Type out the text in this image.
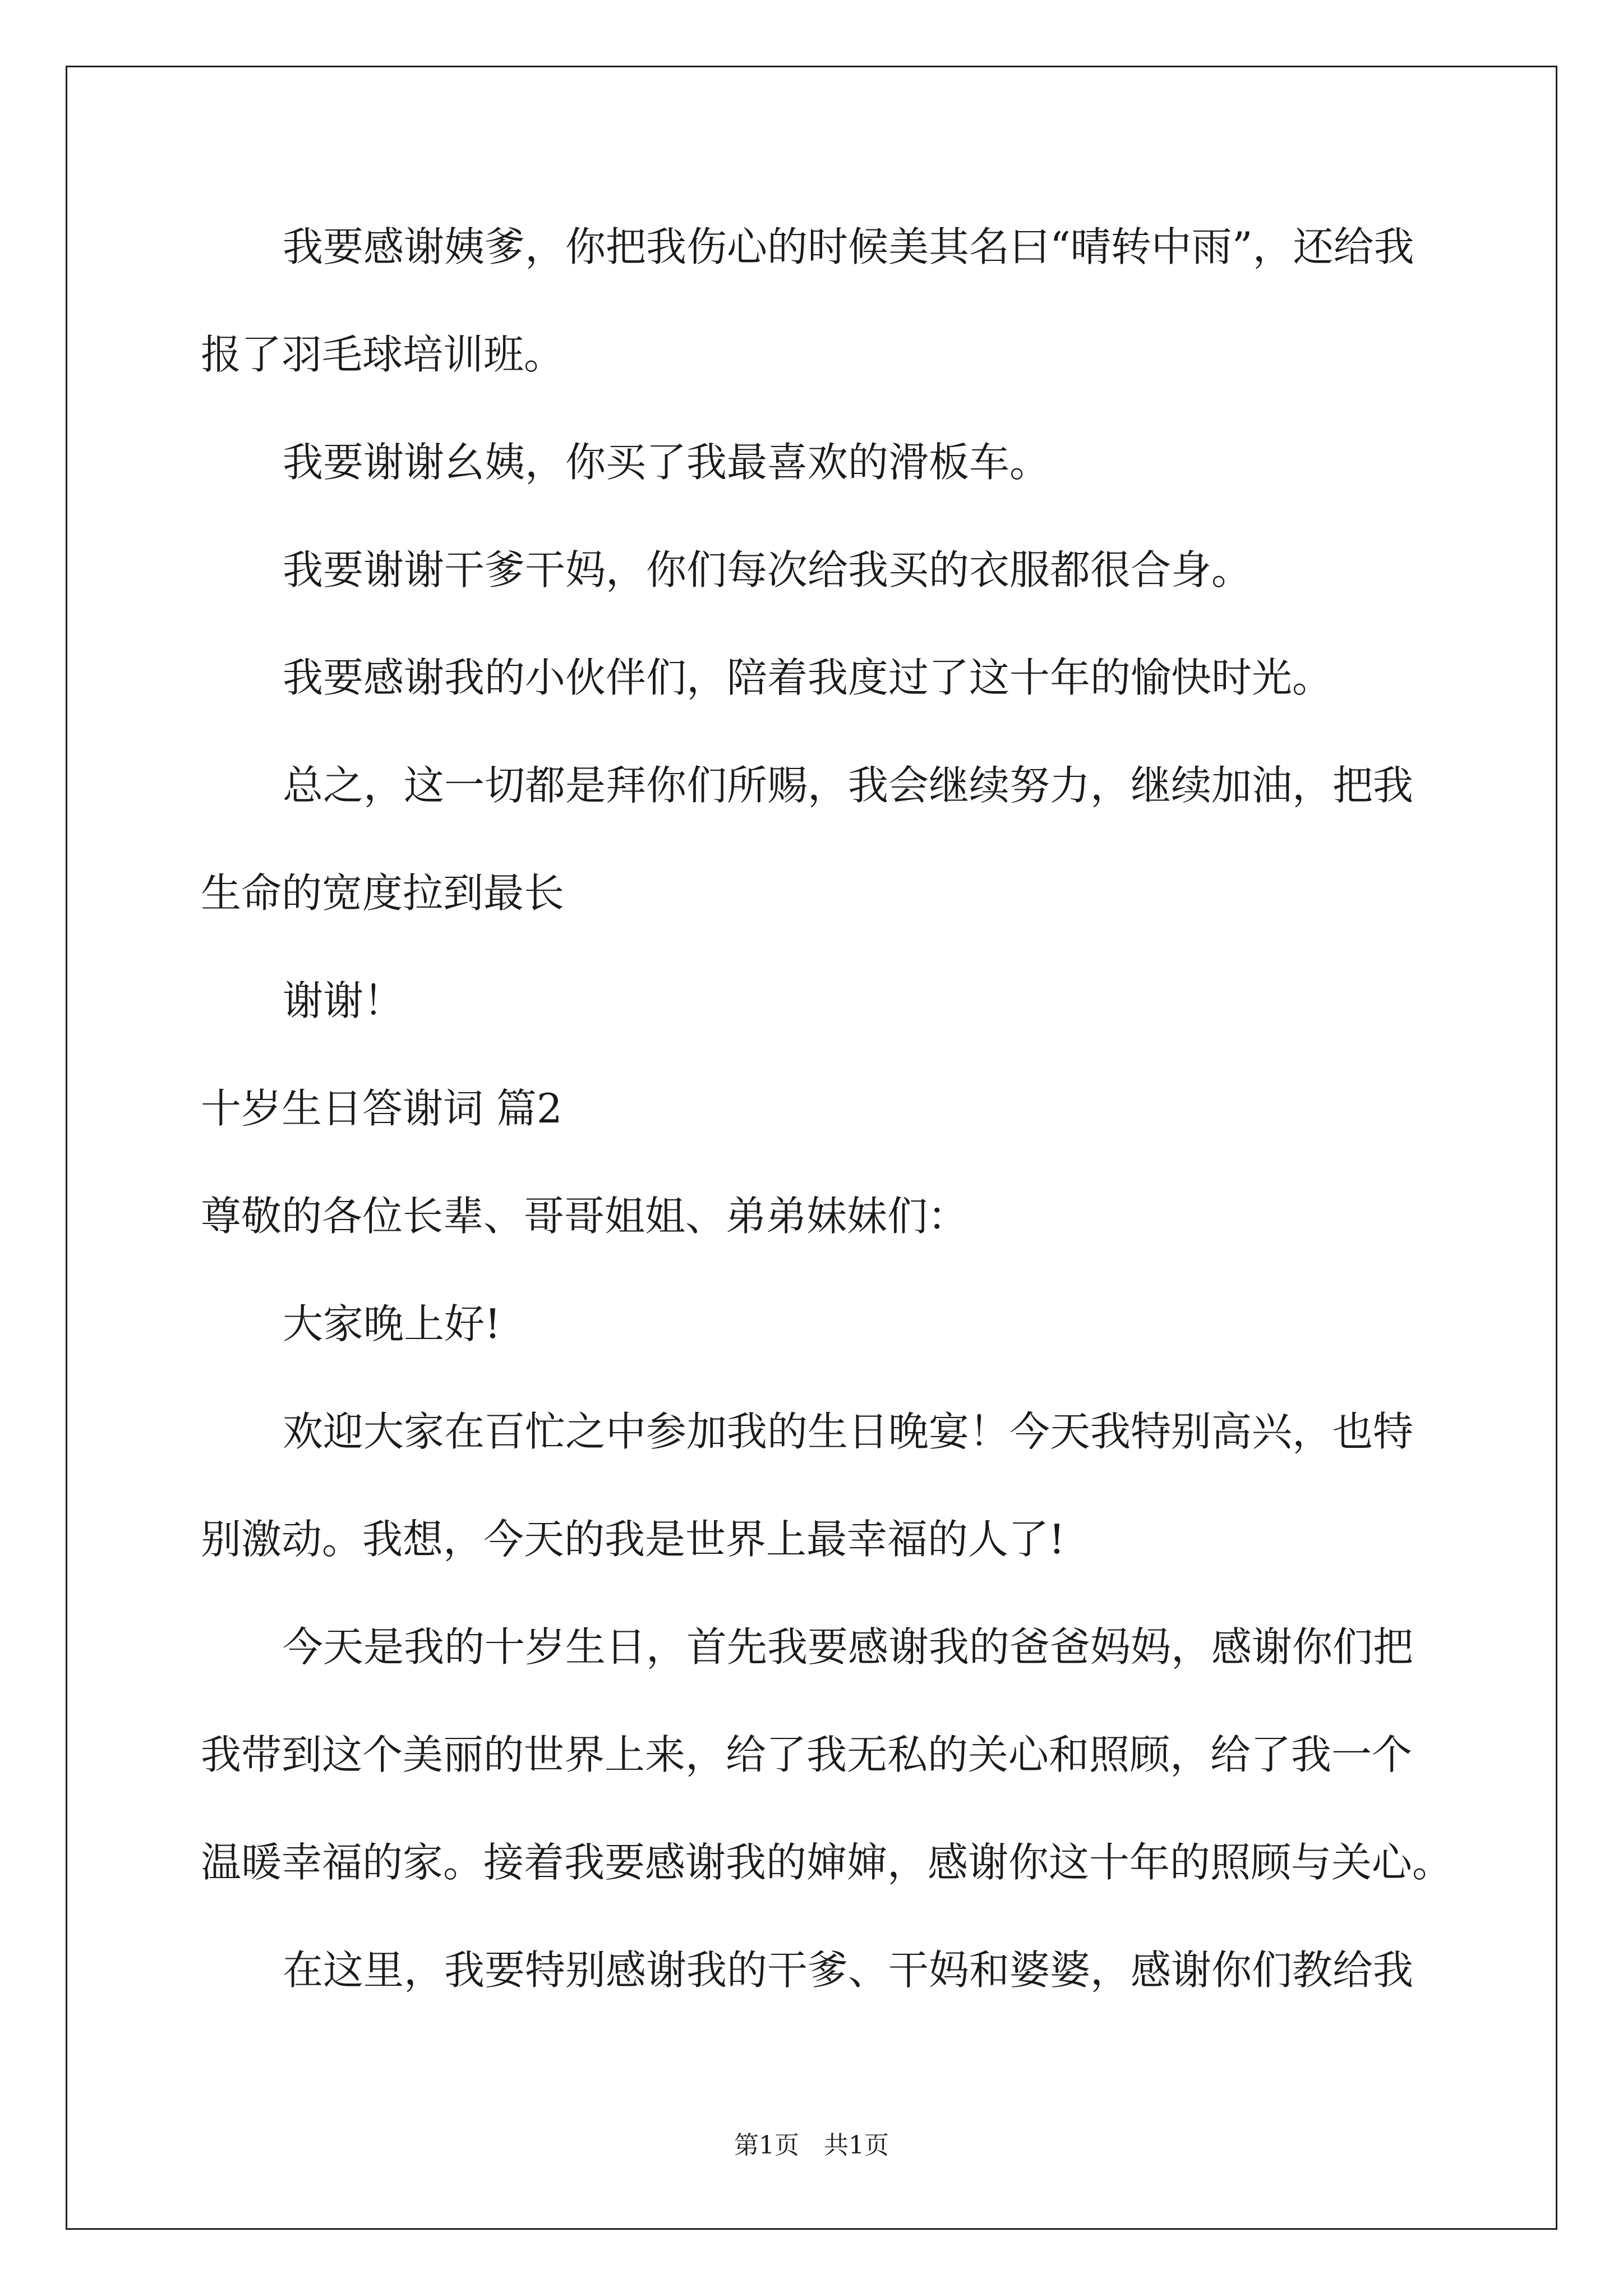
我要感谢姨爹，你把我伤心的时候美其名曰“晴转中雨”，还给我
报了羽毛球培训班。
我要谢谢幺姨，你买了我最喜欢的滑板车。
我要谢谢干爹干妈，你们每次给我买的衣服都很合身。
我要感谢我的小伙伴们，陪着我度过了这十年的愉快时光。
总之，这一切都是拜你们所赐，我会继续努力，继续加油，把我
生命的宽度拉到最长
谢谢！
十岁生日答谢词 篇2
尊敬的各位长辈、哥哥姐姐、弟弟妹妹们：
大家晚上好!
欢迎大家在百忙之中参加我的生日晚宴！今天我特别高兴，也特
别激动。我想，今天的我是世界上最幸福的人了!
今天是我的十岁生日，首先我要感谢我的爸爸妈妈，感谢你们把
我带到这个美丽的世界上来，给了我无私的关心和照顾，给了我一个
温暖幸福的家。接着我要感谢我的婶婶，感谢你这十年的照顾与关心。
在这里，我要特别感谢我的干爹、干妈和婆婆，感谢你们教给我
第1页　共1页
